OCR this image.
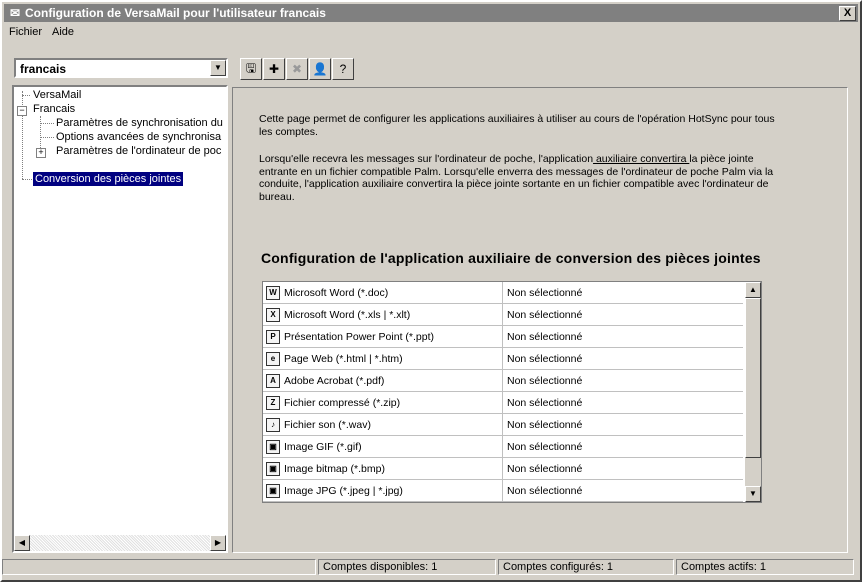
✉ Configuration de VersaMail pour l'utilisateur francais	X
Fichier Aide
francais	▼	🖫 ✚ ✖ 👤 ?
VersaMail
− Francais
Paramètres de synchronisation du
Options avancées de synchronisa
+ Paramètres de l'ordinateur de poc
Conversion des pièces jointes
◀	▶
Cette page permet de configurer les applications auxiliaires à utiliser au cours de l'opération HotSync pour tous les comptes.
Lorsqu'elle recevra les messages sur l'ordinateur de poche, l'application auxiliaire convertira la pièce jointe entrante en un fichier compatible Palm. Lorsqu'elle enverra des messages de l'ordinateur de poche Palm via la conduite, l'application auxiliaire convertira la pièce jointe sortante en un fichier compatible avec l'ordinateur de bureau.
Configuration de l'application auxiliaire de conversion des pièces jointes
W Microsoft Word (*.doc)	Non sélectionné
X Microsoft Word (*.xls | *.xlt)	Non sélectionné
P Présentation Power Point (*.ppt)	Non sélectionné
e Page Web (*.html | *.htm)	Non sélectionné
A Adobe Acrobat (*.pdf)	Non sélectionné
Z Fichier compressé (*.zip)	Non sélectionné
♪ Fichier son (*.wav)	Non sélectionné
▣ Image GIF (*.gif)	Non sélectionné
▣ Image bitmap (*.bmp)	Non sélectionné
▣ Image JPG (*.jpeg | *.jpg)	Non sélectionné
▲
▼
Comptes disponibles: 1	Comptes configurés: 1	Comptes actifs: 1
